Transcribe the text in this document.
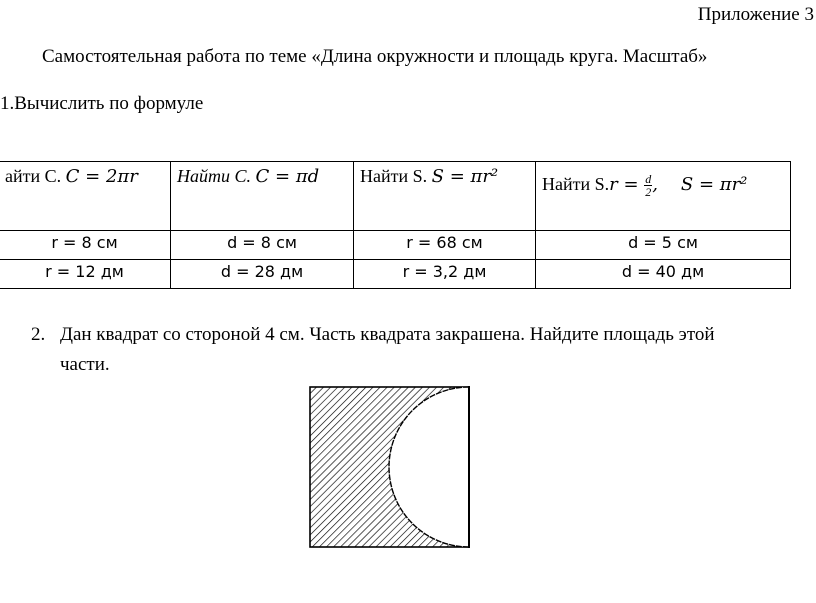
Приложение 3
Самостоятельная работа по теме «Длина окружности и площадь круга. Масштаб»
1.Вычислить по формуле
айти С. C = 2πr	Найти С. C = πd	Найти S. S = πr²	Найти $S.r = \frac{d}{2}$ ,    S = πr²
r = 8 см	d = 8 см	r = 68 см	d = 5 см
r = 12 дм	d = 28 дм	r = 3,2 дм	d = 40 дм
2. Дан квадрат со стороной 4 см. Часть квадрата закрашена. Найдите площадь этой
части.
